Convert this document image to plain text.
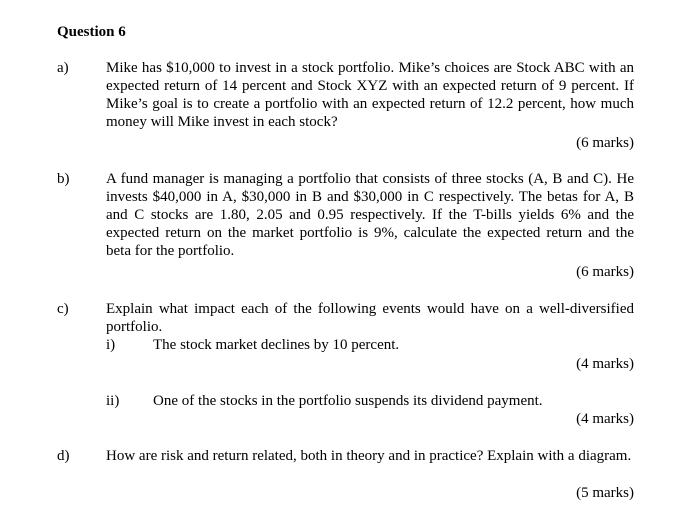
Question 6
a) Mike has $10,000 to invest in a stock portfolio. Mike’s choices are Stock ABC with an expected return of 14 percent and Stock XYZ with an expected return of 9 percent. If Mike’s goal is to create a portfolio with an expected return of 12.2 percent, how much money will Mike invest in each stock?
(6 marks)
b) A fund manager is managing a portfolio that consists of three stocks (A, B and C). He invests $40,000 in A, $30,000 in B and $30,000 in C respectively. The betas for A, B and C stocks are 1.80, 2.05 and 0.95 respectively. If the T-bills yields 6% and the expected return on the market portfolio is 9%, calculate the expected return and the beta for the portfolio.
(6 marks)
c) Explain what impact each of the following events would have on a well-diversified portfolio.
i)	The stock market declines by 10 percent.
(4 marks)
ii) One of the stocks in the portfolio suspends its dividend payment.
(4 marks)
d) How are risk and return related, both in theory and in practice? Explain with a diagram.
(5 marks)
